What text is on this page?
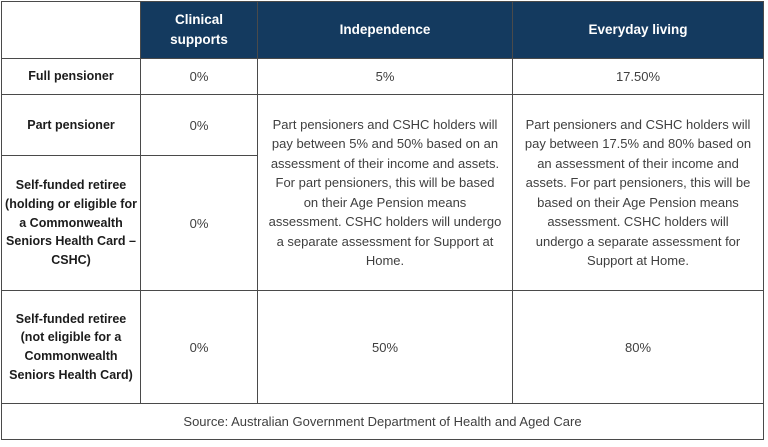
	Clinical supports	Independence	Everyday living
Full pensioner	0%	5%	17.50%
Part pensioner	0%	Part pensioners and CSHC holders will pay between 5% and 50% based on an assessment of their income and assets. For part pensioners, this will be based on their Age Pension means assessment. CSHC holders will undergo a separate assessment for Support at Home.	Part pensioners and CSHC holders will pay between 17.5% and 80% based on an assessment of their income and assets. For part pensioners, this will be based on their Age Pension means assessment. CSHC holders will undergo a separate assessment for Support at Home.
Self-funded retiree (holding or eligible for a Commonwealth Seniors Health Card – CSHC)	0%		
Self-funded retiree (not eligible for a Commonwealth Seniors Health Card)	0%	50%	80%
Source: Australian Government Department of Health and Aged Care			
